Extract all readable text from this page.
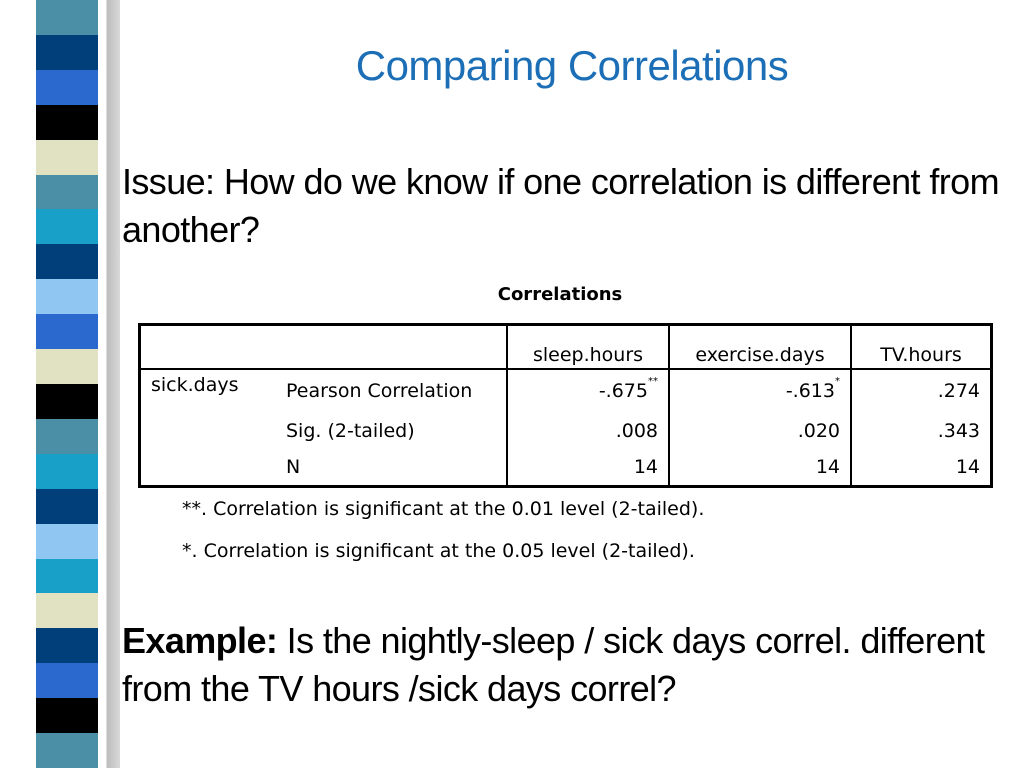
Comparing Correlations
Issue: How do we know if one correlation is different from another?
Correlations
		sleep.hours	exercise.days	TV.hours
sick.days	Pearson Correlation	-.675**	-.613*	.274
	Sig. (2-tailed)	.008	.020	.343
	N	14	14	14
**. Correlation is significant at the 0.01 level (2-tailed).
*. Correlation is significant at the 0.05 level (2-tailed).
Example: Is the nightly-sleep / sick days correl. different from the TV hours /sick days correl?
